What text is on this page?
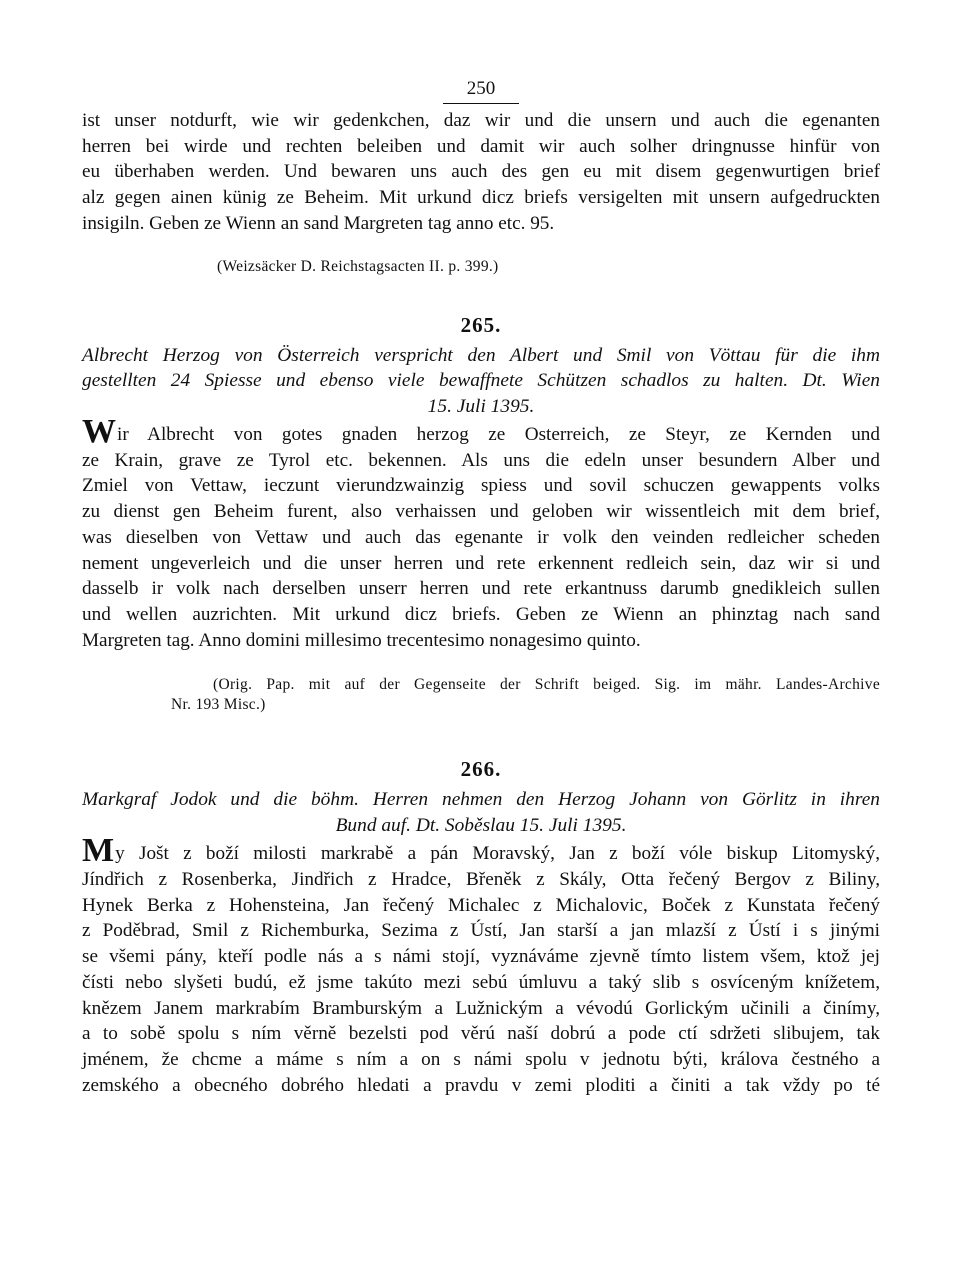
250

ist unser notdurft, wie wir gedenkchen, daz wir und die unsern und auch die egenanten
herren bei wirde und rechten beleiben und damit wir auch solher dringnusse hinfür von
eu überhaben werden. Und bewaren uns auch des gen eu mit disem gegenwurtigen brief
alz gegen ainen künig ze Beheim. Mit urkund dicz briefs versigelten mit unsern aufgedruckten
insigiln. Geben ze Wienn an sand Margreten tag anno etc. 95.

(Weizsäcker D. Reichstagsacten II. p. 399.)
265.
Albrecht Herzog von Österreich verspricht den Albert und Smil von Vöttau für die ihm
gestellten 24 Spiesse und ebenso viele bewaffnete Schützen schadlos zu halten. Dt. Wien
15. Juli 1395.

Wir Albrecht von gotes gnaden herzog ze Osterreich, ze Steyr, ze Kernden und
ze Krain, grave ze Tyrol etc. bekennen. Als uns die edeln unser besundern Alber und
Zmiel von Vettaw, ieczunt vierundzwainzig spiess und sovil schuczen gewappents volks
zu dienst gen Beheim furent, also verhaissen und geloben wir wissentleich mit dem brief,
was dieselben von Vettaw und auch das egenante ir volk den veinden redleicher scheden
nement ungeverleich und die unser herren und rete erkennent redleich sein, daz wir si und
dasselb ir volk nach derselben unserr herren und rete erkantnuss darumb gnedikleich sullen
und wellen auzrichten. Mit urkund dicz briefs. Geben ze Wienn an phinztag nach sand
Margreten tag. Anno domini millesimo trecentesimo nonagesimo quinto.

(Orig. Pap. mit auf der Gegenseite der Schrift beiged. Sig. im mähr. Landes-Archive
Nr. 193 Misc.)
266.
Markgraf Jodok und die böhm. Herren nehmen den Herzog Johann von Görlitz in ihren
Bund auf. Dt. Soběslau 15. Juli 1395.

My Jošt z boží milosti markrabě a pán Moravský, Jan z boží vóle biskup Litomyský,
Jíndřich z Rosenberka, Jindřich z Hradce, Břeněk z Skály, Otta řečený Bergov z Biliny,
Hynek Berka z Hohensteina, Jan řečený Michalec z Michalovic, Boček z Kunstata řečený
z Poděbrad, Smil z Richemburka, Sezima z Ústí, Jan starší a jan mlazší z Ústí i s jinými
se všemi pány, kteří podle nás a s námi stojí, vyznáváme zjevně tímto listem všem, ktož jej
čísti nebo slyšeti budú, ež jsme takúto mezi sebú úmluvu a taký slib s osvíceným knížetem,
knězem Janem markrabím Bramburským a Lužnickým a vévodú Gorlickým učinili a činímy,
a to sobě spolu s ním věrně bezelsti pod věrú naší dobrú a pode ctí sdržeti slibujem, tak
jménem, že chcme a máme s ním a on s námi spolu v jednotu býti, králova čestného a
zemského a obecného dobrého hledati a pravdu v zemi ploditi a činiti a tak vždy po té
